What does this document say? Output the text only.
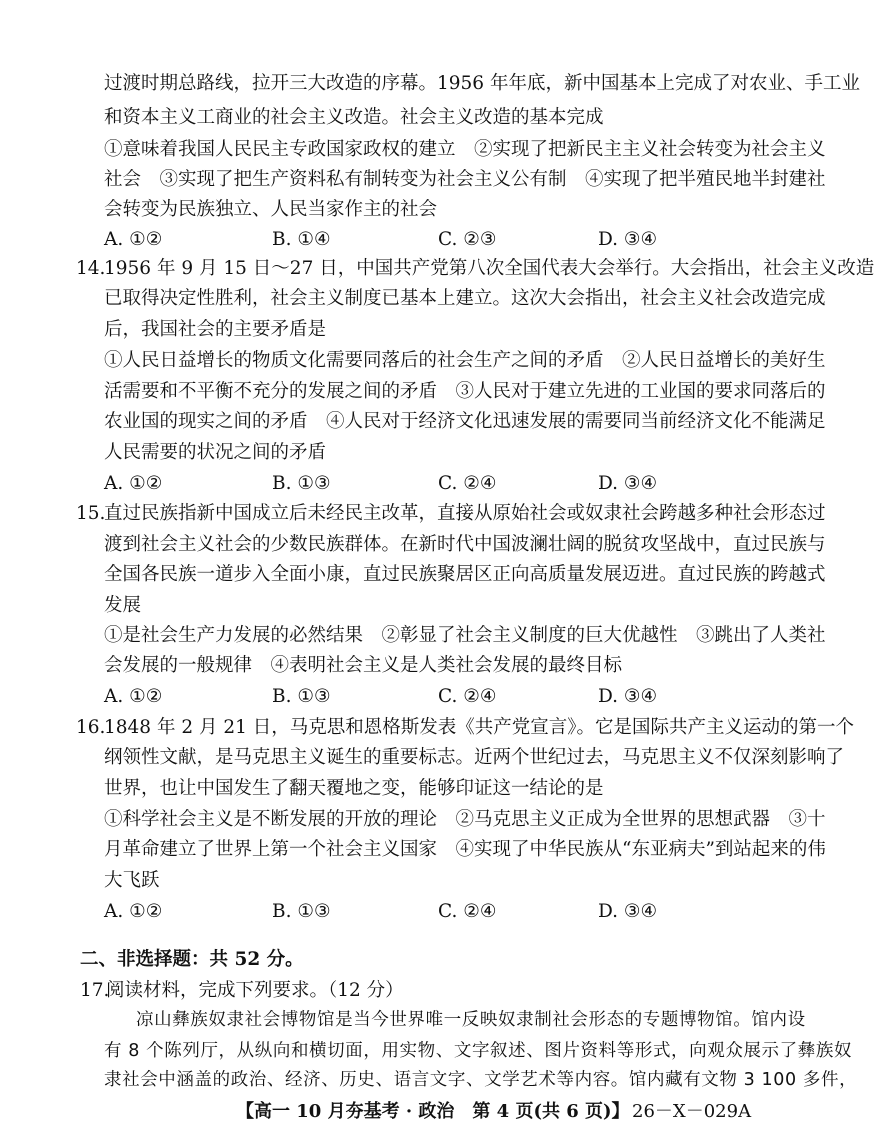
过渡时期总路线，拉开三大改造的序幕。1956 年年底，新中国基本上完成了对农业、手工业
和资本主义工商业的社会主义改造。社会主义改造的基本完成
①意味着我国人民民主专政国家政权的建立　②实现了把新民主主义社会转变为社会主义
社会　③实现了把生产资料私有制转变为社会主义公有制　④实现了把半殖民地半封建社
会转变为民族独立、人民当家作主的社会
A. ①②	B. ①④	C. ②③	D. ③④
14.
1956 年 9 月 15 日～27 日，中国共产党第八次全国代表大会举行。大会指出，社会主义改造
已取得决定性胜利，社会主义制度已基本上建立。这次大会指出，社会主义社会改造完成
后，我国社会的主要矛盾是
①人民日益增长的物质文化需要同落后的社会生产之间的矛盾　②人民日益增长的美好生
活需要和不平衡不充分的发展之间的矛盾　③人民对于建立先进的工业国的要求同落后的
农业国的现实之间的矛盾　④人民对于经济文化迅速发展的需要同当前经济文化不能满足
人民需要的状况之间的矛盾
A. ①②	B. ①③	C. ②④	D. ③④
15.
直过民族指新中国成立后未经民主改革，直接从原始社会或奴隶社会跨越多种社会形态过
渡到社会主义社会的少数民族群体。在新时代中国波澜壮阔的脱贫攻坚战中，直过民族与
全国各民族一道步入全面小康，直过民族聚居区正向高质量发展迈进。直过民族的跨越式
发展
①是社会生产力发展的必然结果　②彰显了社会主义制度的巨大优越性　③跳出了人类社
会发展的一般规律　④表明社会主义是人类社会发展的最终目标
A. ①②	B. ①③	C. ②④	D. ③④
16.
1848 年 2 月 21 日，马克思和恩格斯发表《共产党宣言》。它是国际共产主义运动的第一个
纲领性文献，是马克思主义诞生的重要标志。近两个世纪过去，马克思主义不仅深刻影响了
世界，也让中国发生了翻天覆地之变，能够印证这一结论的是
①科学社会主义是不断发展的开放的理论　②马克思主义正成为全世界的思想武器　③十
月革命建立了世界上第一个社会主义国家　④实现了中华民族从“东亚病夫”到站起来的伟
大飞跃
A. ①②	B. ①③	C. ②④	D. ③④
二、非选择题：共 52 分。
17.
阅读材料，完成下列要求。（12 分）
凉山彝族奴隶社会博物馆是当今世界唯一反映奴隶制社会形态的专题博物馆。馆内设
【高一 10 月夯基考 · 政治　第 4 页(共 6 页)】 26－X－029A
有 8 个陈列厅，从纵向和横切面，用实物、文字叙述、图片资料等形式，向观众展示了彝族奴
隶社会中涵盖的政治、经济、历史、语言文字、文学艺术等内容。馆内藏有文物 3 100 多件，
